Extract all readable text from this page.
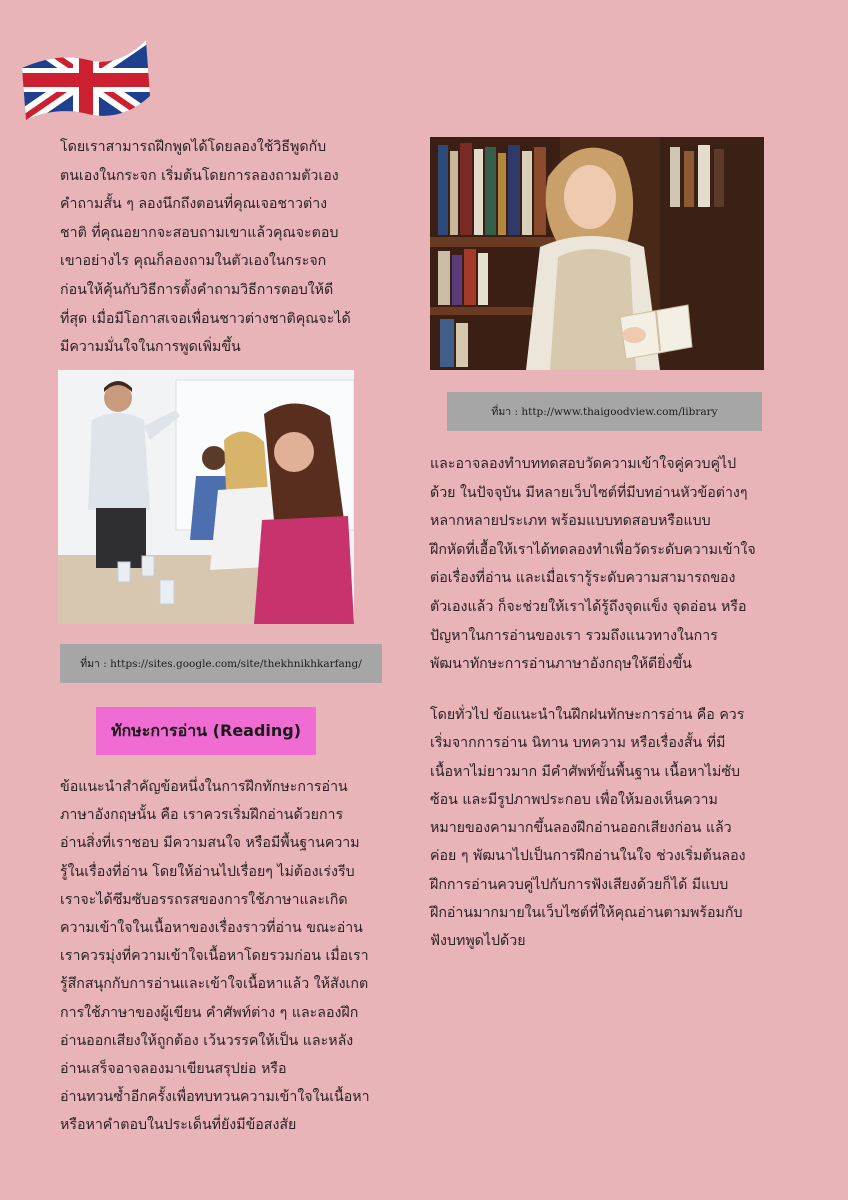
โดยเราสามารถฝึกพูดได้โดยลองใช้วิธีพูดกับ
ตนเองในกระจก เริ่มต้นโดยการลองถามตัวเอง
คำถามสั้น ๆ ลองนึกถึงตอนที่คุณเจอชาวต่าง
ชาติ ที่คุณอยากจะสอบถามเขาแล้วคุณจะตอบ
เขาอย่างไร คุณก็ลองถามในตัวเองในกระจก
ก่อนให้คุ้นกับวิธีการตั้งคำถามวิธีการตอบให้ดี
ที่สุด เมื่อมีโอกาสเจอเพื่อนชาวต่างชาติคุณจะได้
มีความมั่นใจในการพูดเพิ่มขึ้น
ที่มา : https://sites.google.com/site/thekhnikhkarfang/
ทักษะการอ่าน (Reading)
ข้อแนะนำสำคัญข้อหนึ่งในการฝึกทักษะการอ่าน
ภาษาอังกฤษนั้น คือ เราควรเริ่มฝึกอ่านด้วยการ
อ่านสิ่งที่เราชอบ มีความสนใจ หรือมีพื้นฐานความ
รู้ในเรื่องที่อ่าน โดยให้อ่านไปเรื่อยๆ ไม่ต้องเร่งรีบ
เราจะได้ซึมซับอรรถรสของการใช้ภาษาและเกิด
ความเข้าใจในเนื้อหาของเรื่องราวที่อ่าน ขณะอ่าน
เราควรมุ่งที่ความเข้าใจเนื้อหาโดยรวมก่อน เมื่อเรา
รู้สึกสนุกกับการอ่านและเข้าใจเนื้อหาแล้ว ให้สังเกต
การใช้ภาษาของผู้เขียน คำศัพท์ต่าง ๆ และลองฝึก
อ่านออกเสียงให้ถูกต้อง เว้นวรรคให้เป็น และหลัง
อ่านเสร็จอาจลองมาเขียนสรุปย่อ หรือ
อ่านทวนซ้ำอีกครั้งเพื่อทบทวนความเข้าใจในเนื้อหา
หรือหาคำตอบในประเด็นที่ยังมีข้อสงสัย
ที่มา : http://www.thaigoodview.com/library
และอาจลองทำบททดสอบวัดความเข้าใจคู่ควบคู่ไป
ด้วย ในปัจจุบัน มีหลายเว็บไซต์ที่มีบทอ่านหัวข้อต่างๆ
หลากหลายประเภท พร้อมแบบทดสอบหรือแบบ
ฝึกหัดที่เอื้อให้เราได้ทดลองทำเพื่อวัดระดับความเข้าใจ
ต่อเรื่องที่อ่าน และเมื่อเรารู้ระดับความสามารถของ
ตัวเองแล้ว ก็จะช่วยให้เราได้รู้ถึงจุดแข็ง จุดอ่อน หรือ
ปัญหาในการอ่านของเรา รวมถึงแนวทางในการ
พัฒนาทักษะการอ่านภาษาอังกฤษให้ดียิ่งขึ้น
โดยทั่วไป ข้อแนะนำในฝึกฝนทักษะการอ่าน คือ ควร
เริ่มจากการอ่าน นิทาน บทความ หรือเรื่องสั้น ที่มี
เนื้อหาไม่ยาวมาก มีคำศัพท์ขั้นพื้นฐาน เนื้อหาไม่ซับ
ซ้อน และมีรูปภาพประกอบ เพื่อให้มองเห็นความ
หมายของคามากขึ้นลองฝึกอ่านออกเสียงก่อน แล้ว
ค่อย ๆ พัฒนาไปเป็นการฝึกอ่านในใจ ช่วงเริ่มต้นลอง
ฝึกการอ่านควบคู่ไปกับการฟังเสียงด้วยก็ได้ มีแบบ
ฝึกอ่านมากมายในเว็บไซต์ที่ให้คุณอ่านตามพร้อมกับ
ฟังบทพูดไปด้วย
